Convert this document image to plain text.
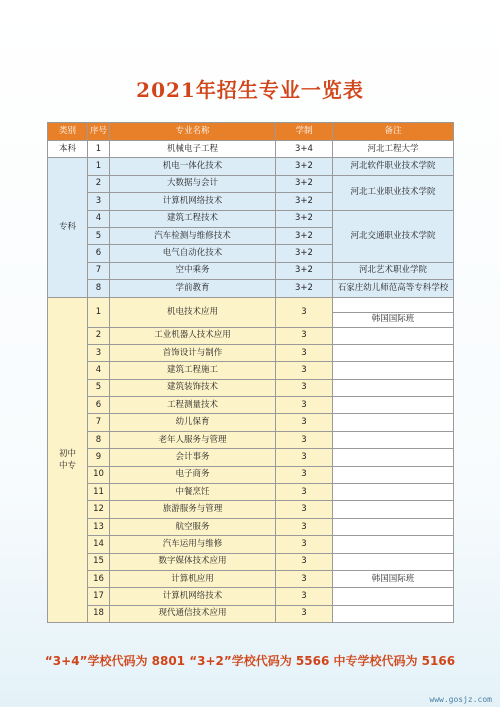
2021年招生专业一览表
类别	序号	专业名称	学制	备注
本科	1	机械电子工程	3+4	河北工程大学
专科	1	机电一体化技术	3+2	河北软件职业技术学院
	2	大数据与会计	3+2	河北工业职业技术学院
	3	计算机网络技术	3+2	
	4	建筑工程技术	3+2	河北交通职业技术学院
	5	汽车检测与维修技术	3+2	
	6	电气自动化技术	3+2	
	7	空中乘务	3+2	河北艺术职业学院
	8	学前教育	3+2	石家庄幼儿师范高等专科学校
初中
中专	1	机电技术应用	3	
				韩国国际班
	2	工业机器人技术应用	3	
	3	首饰设计与制作	3	
	4	建筑工程施工	3	
	5	建筑装饰技术	3	
	6	工程测量技术	3	
	7	幼儿保育	3	
	8	老年人服务与管理	3	
	9	会计事务	3	
	10	电子商务	3	
	11	中餐烹饪	3	
	12	旅游服务与管理	3	
	13	航空服务	3	
	14	汽车运用与维修	3	
	15	数字媒体技术应用	3	
	16	计算机应用	3	韩国国际班
	17	计算机网络技术	3	
	18	现代通信技术应用	3	
“3+4”学校代码为 8801 “3+2”学校代码为 5566 中专学校代码为 5166
www.gosjz.com
